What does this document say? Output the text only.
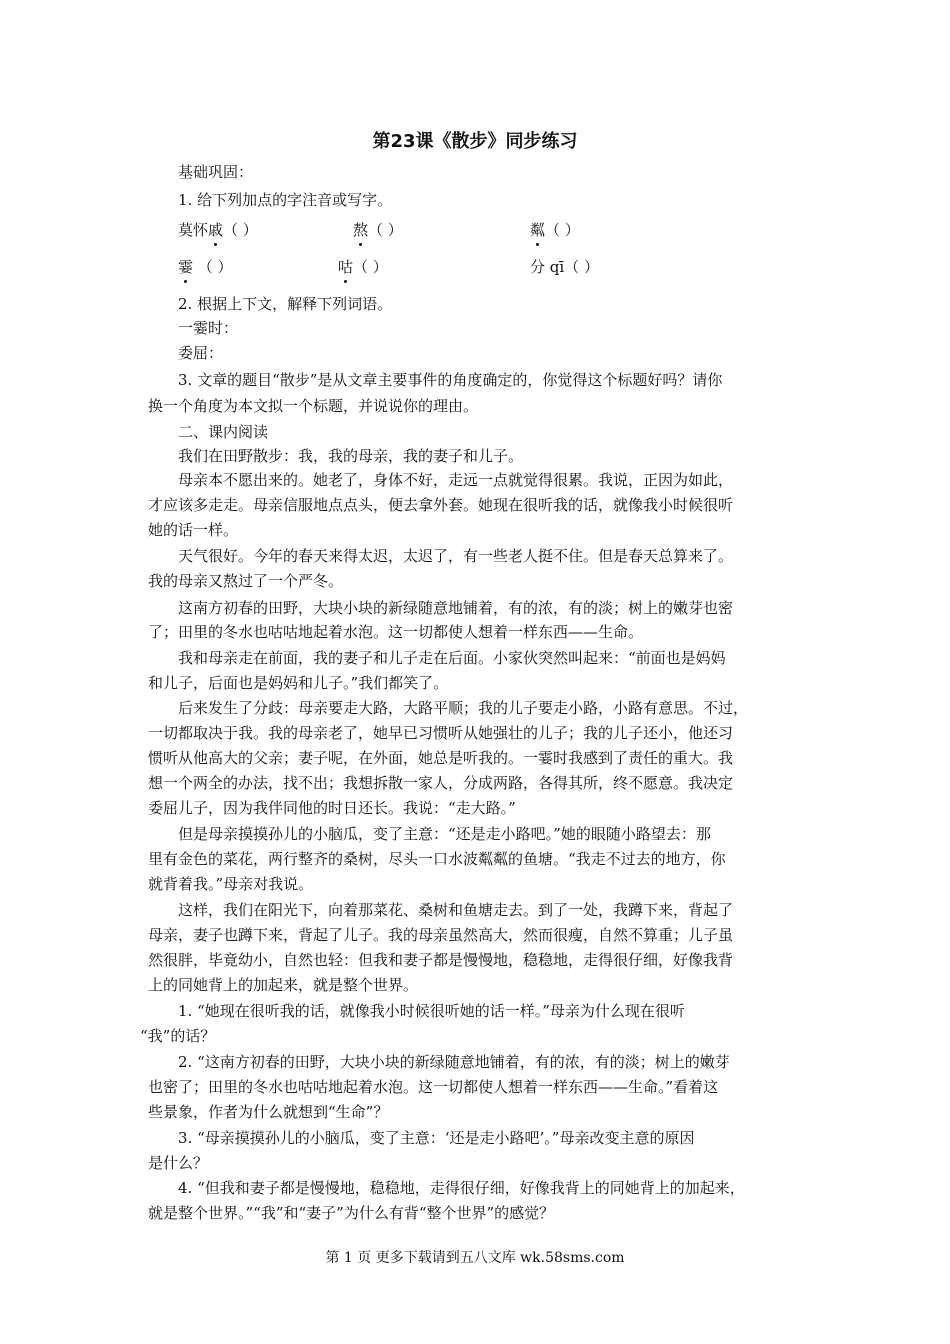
第23课《散步》同步练习
基础巩固：
1. 给下列加点的字注音或写字。
莫怀戚（ ）	熬（ ）	粼（ ）
霎 （ ）	咕（ ）	分 qī（ ）
2. 根据上下文，解释下列词语。
一霎时：
委屈：
3. 文章的题目“散步”是从文章主要事件的角度确定的，你觉得这个标题好吗？请你
换一个角度为本文拟一个标题，并说说你的理由。
二、课内阅读
我们在田野散步：我，我的母亲，我的妻子和儿子。
母亲本不愿出来的。她老了，身体不好，走远一点就觉得很累。我说，正因为如此，
才应该多走走。母亲信服地点点头，便去拿外套。她现在很听我的话，就像我小时候很听
她的话一样。
天气很好。今年的春天来得太迟，太迟了，有一些老人挺不住。但是春天总算来了。
我的母亲又熬过了一个严冬。
这南方初春的田野，大块小块的新绿随意地铺着，有的浓，有的淡；树上的嫩芽也密
了；田里的冬水也咕咕地起着水泡。这一切都使人想着一样东西——生命。
我和母亲走在前面，我的妻子和儿子走在后面。小家伙突然叫起来：“前面也是妈妈
和儿子，后面也是妈妈和儿子。”我们都笑了。
后来发生了分歧：母亲要走大路，大路平顺；我的儿子要走小路，小路有意思。不过，
一切都取决于我。我的母亲老了，她早已习惯听从她强壮的儿子；我的儿子还小，他还习
惯听从他高大的父亲；妻子呢，在外面，她总是听我的。一霎时我感到了责任的重大。我
想一个两全的办法，找不出；我想拆散一家人，分成两路，各得其所，终不愿意。我决定
委屈儿子，因为我伴同他的时日还长。我说：“走大路。”
但是母亲摸摸孙儿的小脑瓜，变了主意：“还是走小路吧。”她的眼随小路望去：那
里有金色的菜花，两行整齐的桑树，尽头一口水波粼粼的鱼塘。“我走不过去的地方，你
就背着我。”母亲对我说。
这样，我们在阳光下，向着那菜花、桑树和鱼塘走去。到了一处，我蹲下来，背起了
母亲，妻子也蹲下来，背起了儿子。我的母亲虽然高大，然而很瘦，自然不算重；儿子虽
然很胖，毕竟幼小，自然也轻：但我和妻子都是慢慢地，稳稳地，走得很仔细，好像我背
上的同她背上的加起来，就是整个世界。
1. “她现在很听我的话，就像我小时候很听她的话一样。”母亲为什么现在很听
“我”的话？
2. “这南方初春的田野，大块小块的新绿随意地铺着，有的浓，有的淡；树上的嫩芽
也密了；田里的冬水也咕咕地起着水泡。这一切都使人想着一样东西——生命。”看着这
些景象，作者为什么就想到“生命”？
3. “母亲摸摸孙儿的小脑瓜，变了主意：‘还是走小路吧’。”母亲改变主意的原因
是什么？
4. “但我和妻子都是慢慢地，稳稳地，走得很仔细，好像我背上的同她背上的加起来，
就是整个世界。”“我”和“妻子”为什么有背“整个世界”的感觉？
第 1 页 更多下载请到五八文库 wk.58sms.com
